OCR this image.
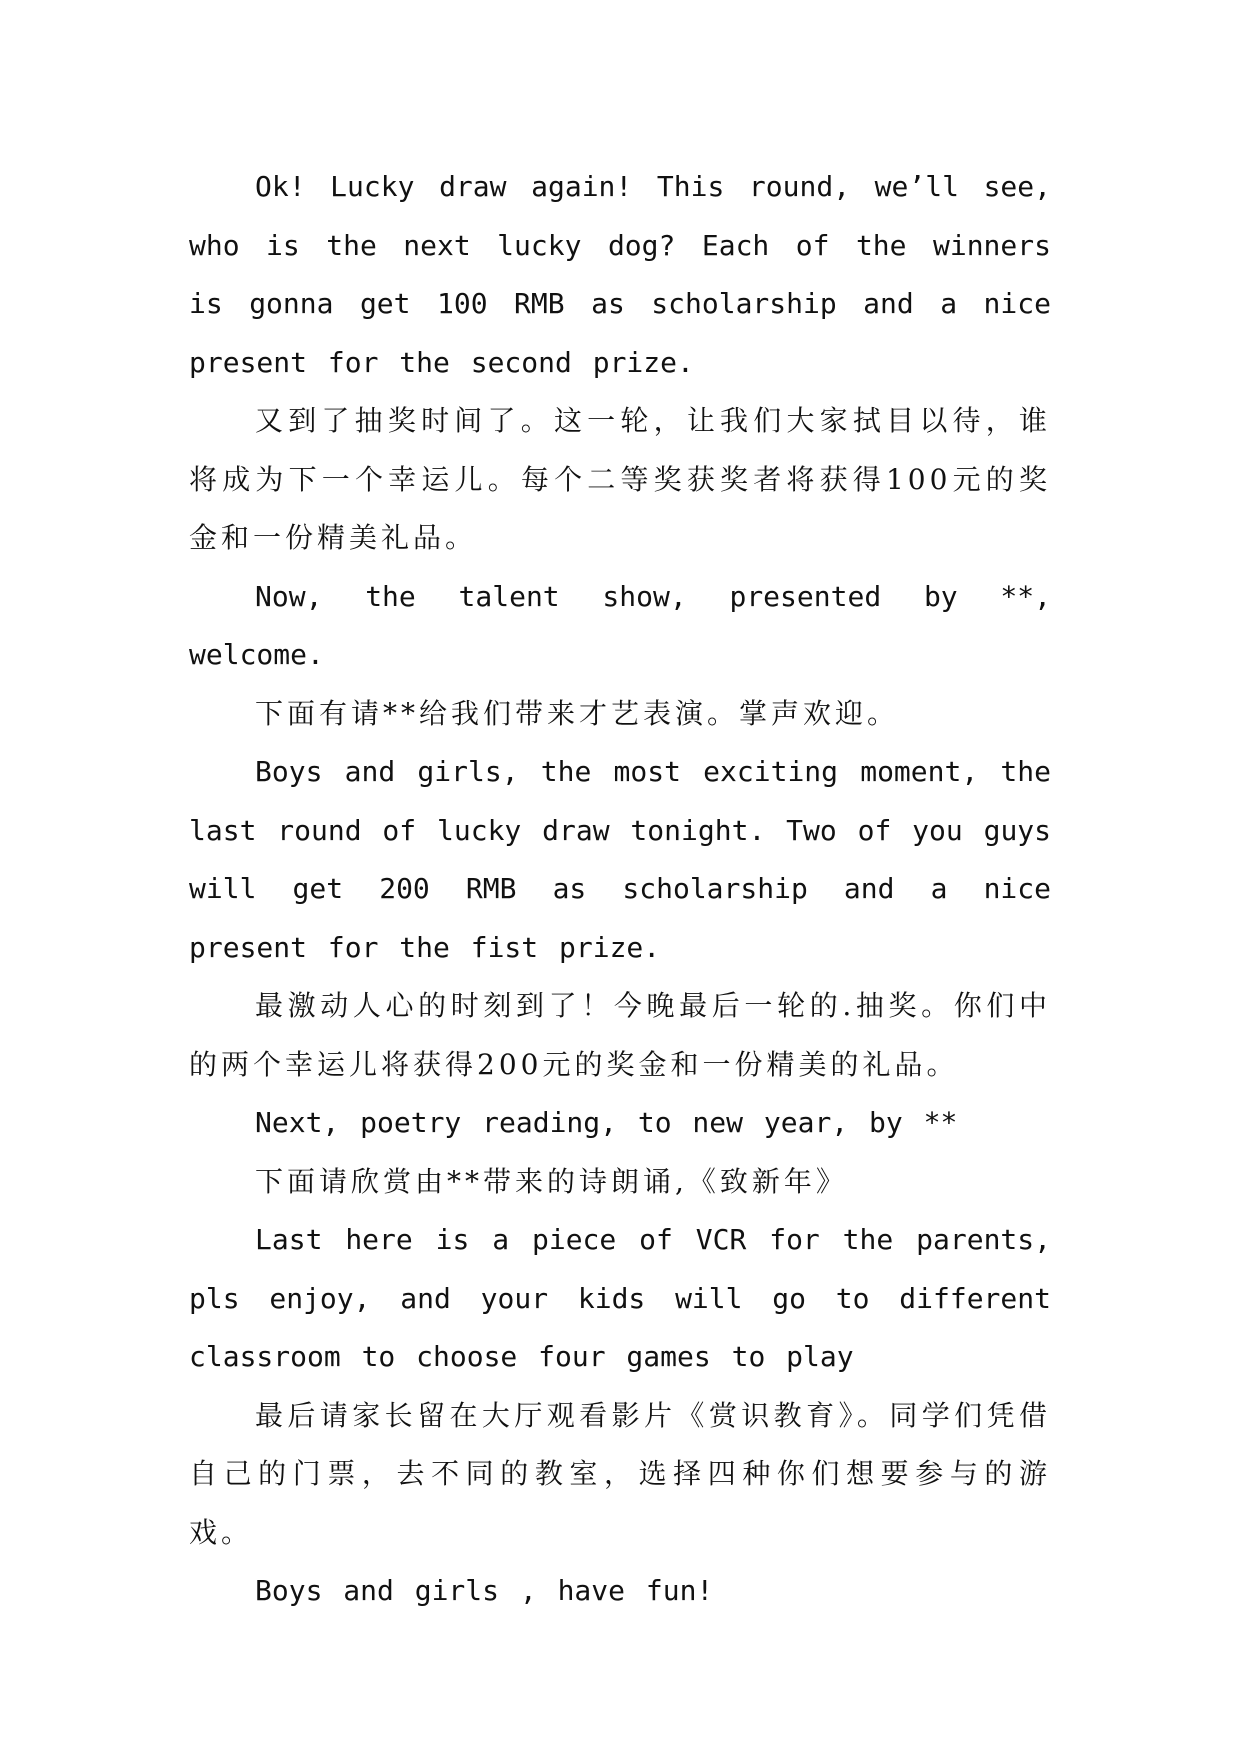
Ok! Lucky draw again! This round, we’ll see, who is the next lucky dog? Each of the winners is gonna get 100 RMB as scholarship and a nice present for the second prize.

又到了抽奖时间了。这一轮，让我们大家拭目以待，谁将成为下一个幸运儿。每个二等奖获奖者将获得100元的奖金和一份精美礼品。

Now, the talent show, presented by **, welcome.

下面有请**给我们带来才艺表演。掌声欢迎。

Boys and girls, the most exciting moment, the last round of lucky draw tonight. Two of you guys will get 200 RMB as scholarship and a nice present for the fist prize.

最激动人心的时刻到了！今晚最后一轮的.抽奖。你们中的两个幸运儿将获得200元的奖金和一份精美的礼品。

Next, poetry reading, to new year, by **

下面请欣赏由**带来的诗朗诵,《致新年》

Last here is a piece of VCR for the parents, pls enjoy, and your kids will go to different classroom to choose four games to play

最后请家长留在大厅观看影片《赏识教育》。同学们凭借自己的门票，去不同的教室，选择四种你们想要参与的游戏。

Boys and girls , have fun!
